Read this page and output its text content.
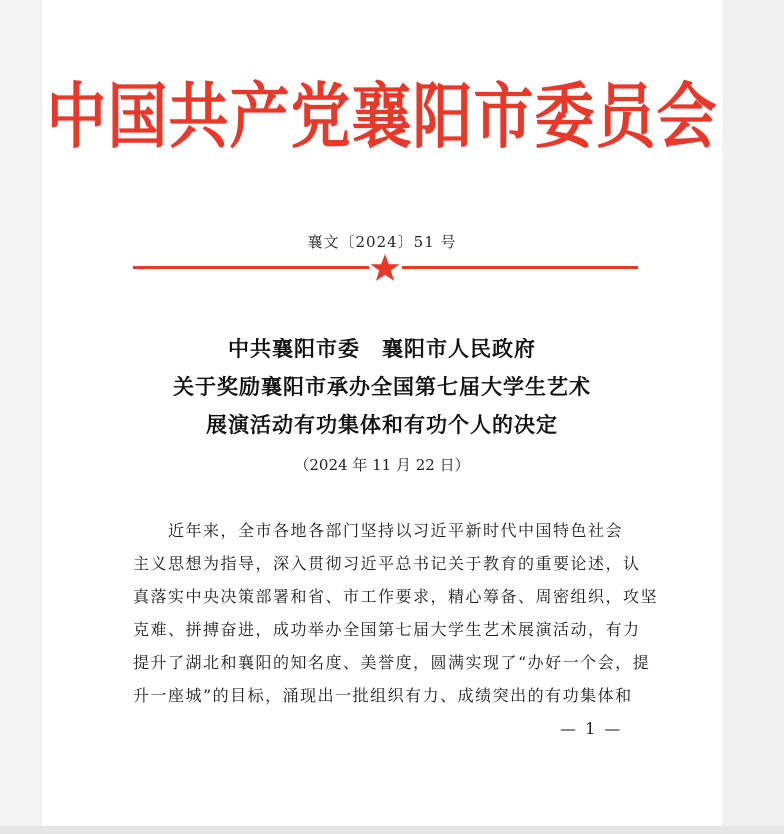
中国共产党襄阳市委员会
襄文〔2024〕51 号
中共襄阳市委　襄阳市人民政府
关于奖励襄阳市承办全国第七届大学生艺术
展演活动有功集体和有功个人的决定
（2024 年 11 月 22 日）
　　近年来，全市各地各部门坚持以习近平新时代中国特色社会
主义思想为指导，深入贯彻习近平总书记关于教育的重要论述，认
真落实中央决策部署和省、市工作要求，精心筹备、周密组织，攻坚
克难、拼搏奋进，成功举办全国第七届大学生艺术展演活动，有力
提升了湖北和襄阳的知名度、美誉度，圆满实现了“办好一个会，提
升一座城”的目标，涌现出一批组织有力、成绩突出的有功集体和
— 1 —
